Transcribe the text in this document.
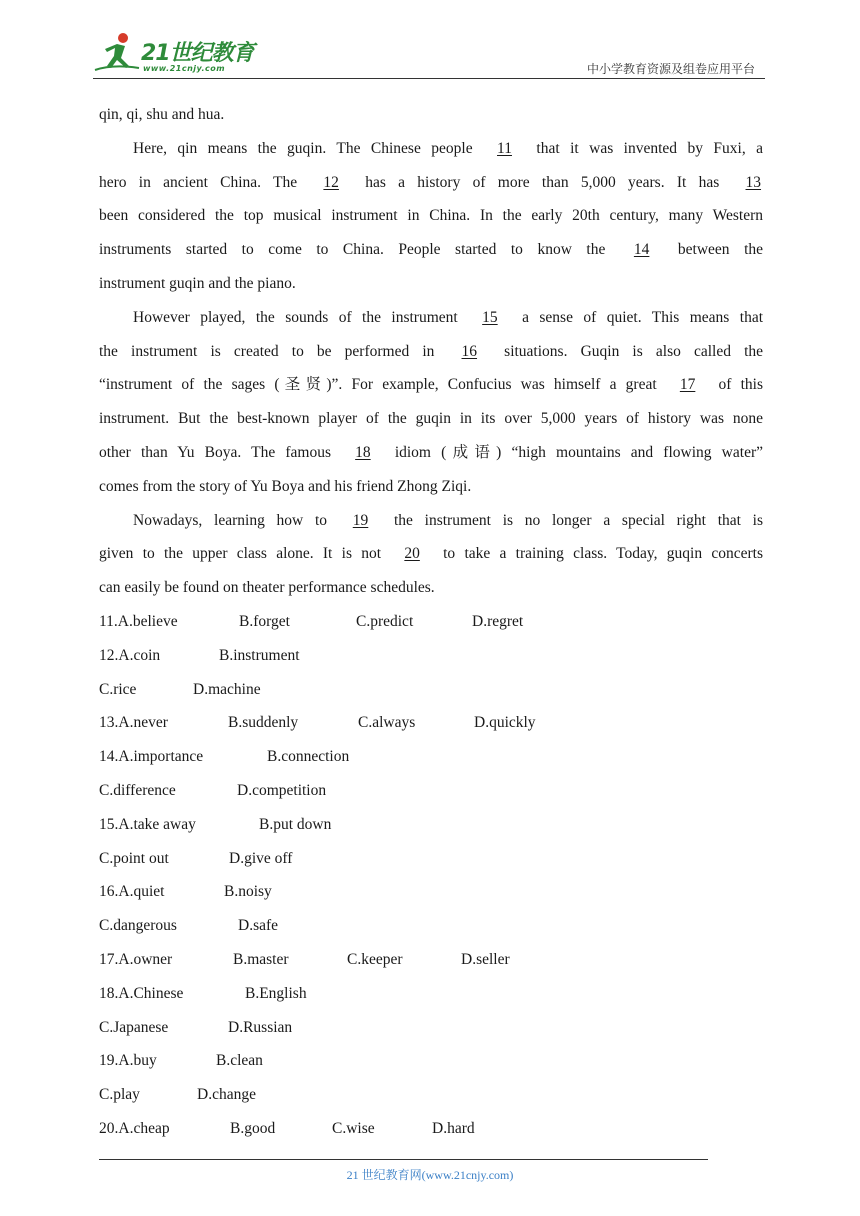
21世纪教育
www.21cnjy.com	中小学教育资源及组卷应用平台
qin, qi, shu and hua.
Here, qin means the guqin. The Chinese people 11 that it was invented by Fuxi, a
hero in ancient China. The 12 has a history of more than 5,000 years. It has 13
been considered the top musical instrument in China. In the early 20th century, many Western
instruments started to come to China. People started to know the 14 between the
instrument guqin and the piano.
However played, the sounds of the instrument 15 a sense of quiet. This means that
the instrument is created to be performed in 16 situations. Guqin is also called the
“instrument of the sages (圣贤)”. For example, Confucius was himself a great 17 of this
instrument. But the best-known player of the guqin in its over 5,000 years of history was none
other than Yu Boya. The famous 18 idiom (成语) “high mountains and flowing water”
comes from the story of Yu Boya and his friend Zhong Ziqi.
Nowadays, learning how to 19 the instrument is no longer a special right that is
given to the upper class alone. It is not 20 to take a training class. Today, guqin concerts
can easily be found on theater performance schedules.
11.A.believe	B.forget	C.predict	D.regret
12.A.coin	B.instrument
C.rice	D.machine
13.A.never	B.suddenly	C.always	D.quickly
14.A.importance	B.connection
C.difference	D.competition
15.A.take away	B.put down
C.point out	D.give off
16.A.quiet	B.noisy
C.dangerous	D.safe
17.A.owner	B.master	C.keeper	D.seller
18.A.Chinese	B.English
C.Japanese	D.Russian
19.A.buy	B.clean
C.play	D.change
20.A.cheap	B.good	C.wise	D.hard
21 世纪教育网(www.21cnjy.com)
